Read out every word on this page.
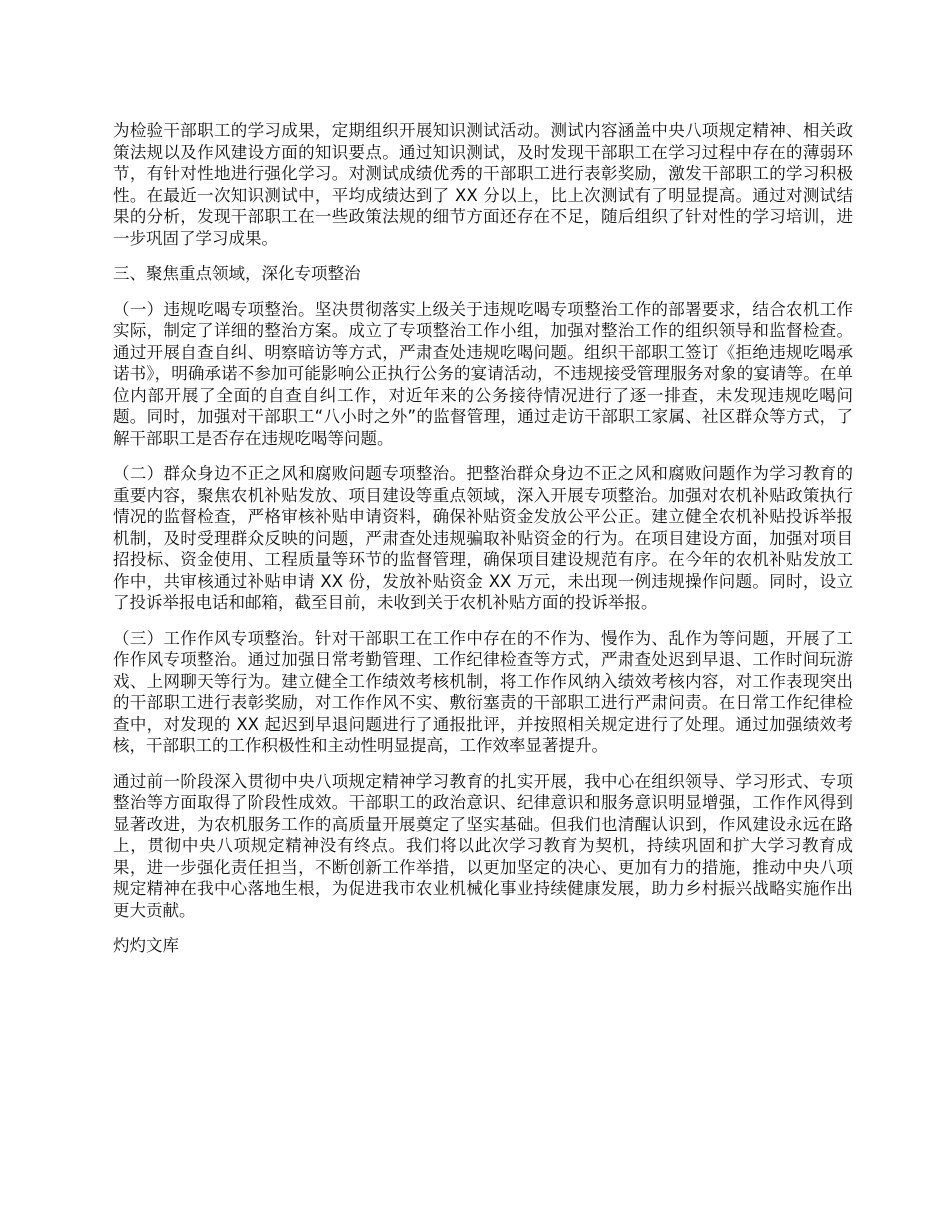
为检验干部职工的学习成果，定期组织开展知识测试活动。测试内容涵盖中央八项规定精神、相关政策法规以及作风建设方面的知识要点。通过知识测试，及时发现干部职工在学习过程中存在的薄弱环节，有针对性地进行强化学习。对测试成绩优秀的干部职工进行表彰奖励，激发干部职工的学习积极性。在最近一次知识测试中，平均成绩达到了 XX 分以上，比上次测试有了明显提高。通过对测试结果的分析，发现干部职工在一些政策法规的细节方面还存在不足，随后组织了针对性的学习培训，进一步巩固了学习成果。

三、聚焦重点领域，深化专项整治

（一）违规吃喝专项整治。坚决贯彻落实上级关于违规吃喝专项整治工作的部署要求，结合农机工作实际，制定了详细的整治方案。成立了专项整治工作小组，加强对整治工作的组织领导和监督检查。通过开展自查自纠、明察暗访等方式，严肃查处违规吃喝问题。组织干部职工签订《拒绝违规吃喝承诺书》，明确承诺不参加可能影响公正执行公务的宴请活动，不违规接受管理服务对象的宴请等。在单位内部开展了全面的自查自纠工作，对近年来的公务接待情况进行了逐一排查，未发现违规吃喝问题。同时，加强对干部职工“八小时之外”的监督管理，通过走访干部职工家属、社区群众等方式，了解干部职工是否存在违规吃喝等问题。

（二）群众身边不正之风和腐败问题专项整治。把整治群众身边不正之风和腐败问题作为学习教育的重要内容，聚焦农机补贴发放、项目建设等重点领域，深入开展专项整治。加强对农机补贴政策执行情况的监督检查，严格审核补贴申请资料，确保补贴资金发放公平公正。建立健全农机补贴投诉举报机制，及时受理群众反映的问题，严肃查处违规骗取补贴资金的行为。在项目建设方面，加强对项目招投标、资金使用、工程质量等环节的监督管理，确保项目建设规范有序。在今年的农机补贴发放工作中，共审核通过补贴申请 XX 份，发放补贴资金 XX 万元，未出现一例违规操作问题。同时，设立了投诉举报电话和邮箱，截至目前，未收到关于农机补贴方面的投诉举报。

（三）工作作风专项整治。针对干部职工在工作中存在的不作为、慢作为、乱作为等问题，开展了工作作风专项整治。通过加强日常考勤管理、工作纪律检查等方式，严肃查处迟到早退、工作时间玩游戏、上网聊天等行为。建立健全工作绩效考核机制，将工作作风纳入绩效考核内容，对工作表现突出的干部职工进行表彰奖励，对工作作风不实、敷衍塞责的干部职工进行严肃问责。在日常工作纪律检查中，对发现的 XX 起迟到早退问题进行了通报批评，并按照相关规定进行了处理。通过加强绩效考核，干部职工的工作积极性和主动性明显提高，工作效率显著提升。

通过前一阶段深入贯彻中央八项规定精神学习教育的扎实开展，我中心在组织领导、学习形式、专项整治等方面取得了阶段性成效。干部职工的政治意识、纪律意识和服务意识明显增强，工作作风得到显著改进，为农机服务工作的高质量开展奠定了坚实基础。但我们也清醒认识到，作风建设永远在路上，贯彻中央八项规定精神没有终点。我们将以此次学习教育为契机，持续巩固和扩大学习教育成果，进一步强化责任担当，不断创新工作举措，以更加坚定的决心、更加有力的措施，推动中央八项规定精神在我中心落地生根，为促进我市农业机械化事业持续健康发展，助力乡村振兴战略实施作出更大贡献。

灼灼文库
